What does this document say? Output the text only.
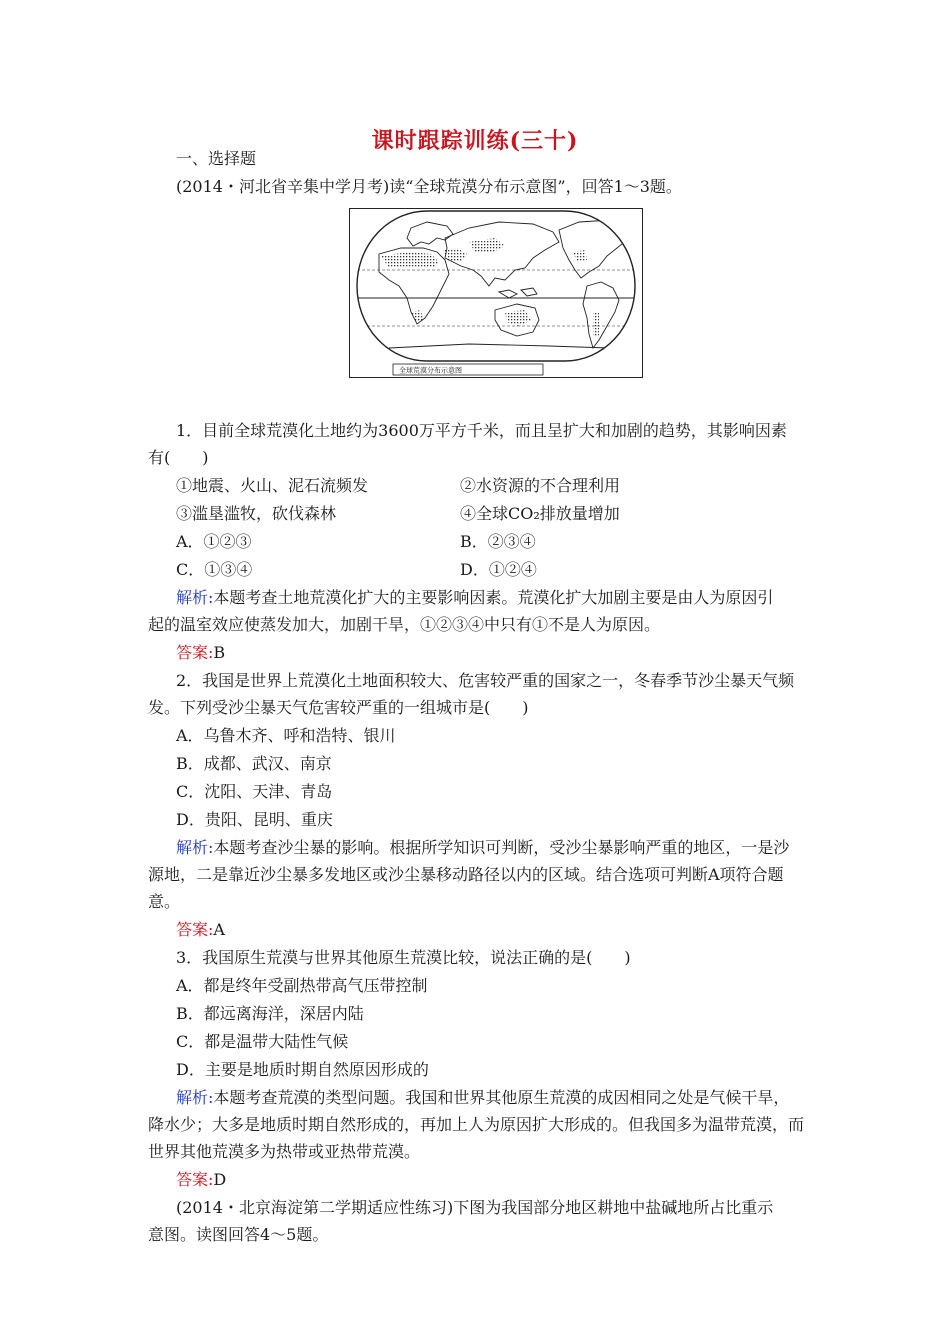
课时跟踪训练(三十)
一、选择题
(2014・河北省辛集中学月考)读“全球荒漠分布示意图”，回答1～3题。
全球荒漠分布示意图
1．目前全球荒漠化土地约为3600万平方千米，而且呈扩大和加剧的趋势，其影响因素
有(　　)
①地震、火山、泥石流频发	②水资源的不合理利用
③滥垦滥牧，砍伐森林	④全球CO₂排放量增加
A．①②③	B．②③④
C．①③④	D．①②④
解析:本题考查土地荒漠化扩大的主要影响因素。荒漠化扩大加剧主要是由人为原因引
起的温室效应使蒸发加大，加剧干旱，①②③④中只有①不是人为原因。
答案:B
2．我国是世界上荒漠化土地面积较大、危害较严重的国家之一，冬春季节沙尘暴天气频
发。下列受沙尘暴天气危害较严重的一组城市是(　　)
A．乌鲁木齐、呼和浩特、银川
B．成都、武汉、南京
C．沈阳、天津、青岛
D．贵阳、昆明、重庆
解析:本题考查沙尘暴的影响。根据所学知识可判断，受沙尘暴影响严重的地区，一是沙
源地，二是靠近沙尘暴多发地区或沙尘暴移动路径以内的区域。结合选项可判断A项符合题
意。
答案:A
3．我国原生荒漠与世界其他原生荒漠比较，说法正确的是(　　)
A．都是终年受副热带高气压带控制
B．都远离海洋，深居内陆
C．都是温带大陆性气候
D．主要是地质时期自然原因形成的
解析:本题考查荒漠的类型问题。我国和世界其他原生荒漠的成因相同之处是气候干旱，
降水少；大多是地质时期自然形成的，再加上人为原因扩大形成的。但我国多为温带荒漠，而
世界其他荒漠多为热带或亚热带荒漠。
答案:D
(2014・北京海淀第二学期适应性练习)下图为我国部分地区耕地中盐碱地所占比重示
意图。读图回答4～5题。
